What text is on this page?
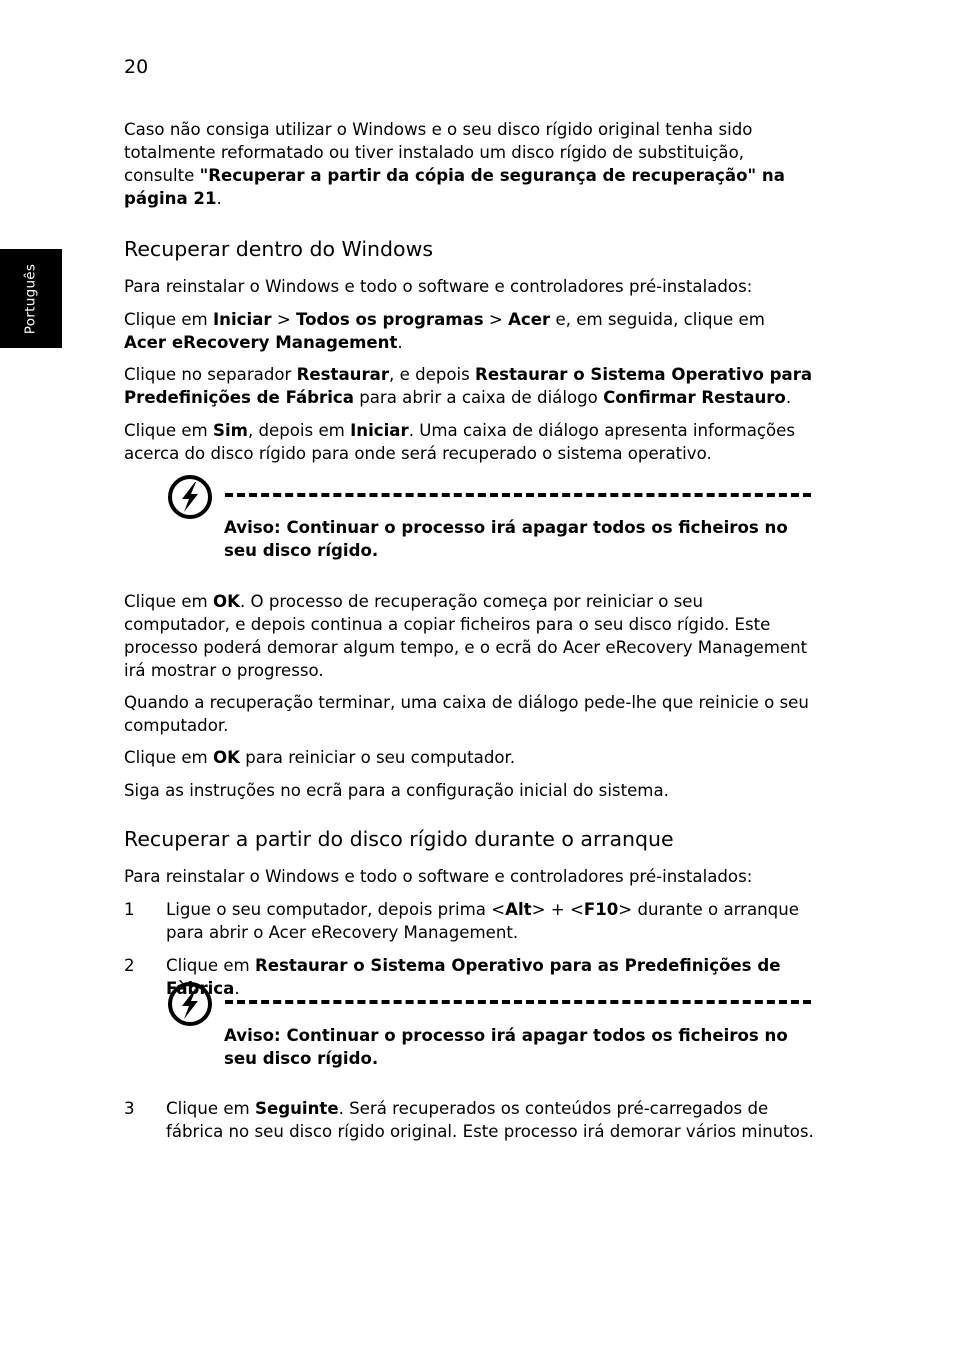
20
Português

Caso não consiga utilizar o Windows e o seu disco rígido original tenha sido totalmente reformatado ou tiver instalado um disco rígido de substituição, consulte "Recuperar a partir da cópia de segurança de recuperação" na página 21.

Recuperar dentro do Windows

Para reinstalar o Windows e todo o software e controladores pré-instalados:

Clique em Iniciar > Todos os programas > Acer e, em seguida, clique em
Acer eRecovery Management.

Clique no separador Restaurar, e depois Restaurar o Sistema Operativo para Predefinições de Fábrica para abrir a caixa de diálogo Confirmar Restauro.

Clique em Sim, depois em Iniciar. Uma caixa de diálogo apresenta informações acerca do disco rígido para onde será recuperado o sistema operativo.

Aviso: Continuar o processo irá apagar todos os ficheiros no seu disco rígido.

Clique em OK. O processo de recuperação começa por reiniciar o seu computador, e depois continua a copiar ficheiros para o seu disco rígido. Este processo poderá demorar algum tempo, e o ecrã do Acer eRecovery Management irá mostrar o progresso.

Quando a recuperação terminar, uma caixa de diálogo pede-lhe que reinicie o seu computador.

Clique em OK para reiniciar o seu computador.

Siga as instruções no ecrã para a configuração inicial do sistema.

Recuperar a partir do disco rígido durante o arranque

Para reinstalar o Windows e todo o software e controladores pré-instalados:

1 Ligue o seu computador, depois prima <Alt> + <F10> durante o arranque para abrir o Acer eRecovery Management.

2 Clique em Restaurar o Sistema Operativo para as Predefinições de Fàbrica.

Aviso: Continuar o processo irá apagar todos os ficheiros no seu disco rígido.

3 Clique em Seguinte. Será recuperados os conteúdos pré-carregados de fábrica no seu disco rígido original. Este processo irá demorar vários minutos.
